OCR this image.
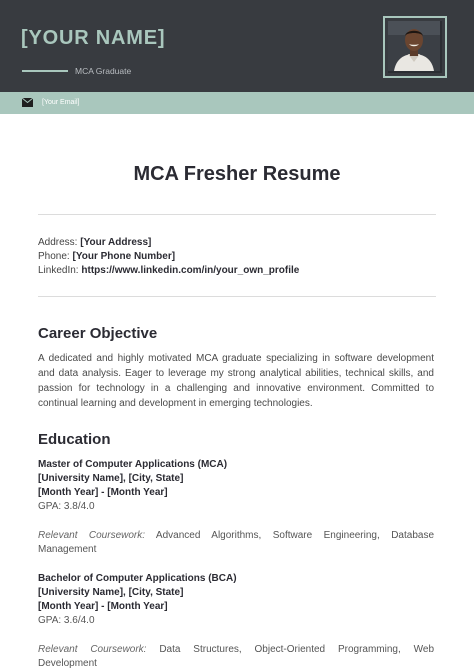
[YOUR NAME]
MCA Graduate
[Your Email]
MCA Fresher Resume
Address: [Your Address]
Phone: [Your Phone Number]
LinkedIn: https://www.linkedin.com/in/your_own_profile
Career Objective
A dedicated and highly motivated MCA graduate specializing in software development and data analysis. Eager to leverage my strong analytical abilities, technical skills, and passion for technology in a challenging and innovative environment. Committed to continual learning and development in emerging technologies.
Education
Master of Computer Applications (MCA)
[University Name], [City, State]
[Month Year] - [Month Year]
GPA: 3.8/4.0
Relevant Coursework: Advanced Algorithms, Software Engineering, Database Management
Bachelor of Computer Applications (BCA)
[University Name], [City, State]
[Month Year] - [Month Year]
GPA: 3.6/4.0
Relevant Coursework: Data Structures, Object-Oriented Programming, Web Development
